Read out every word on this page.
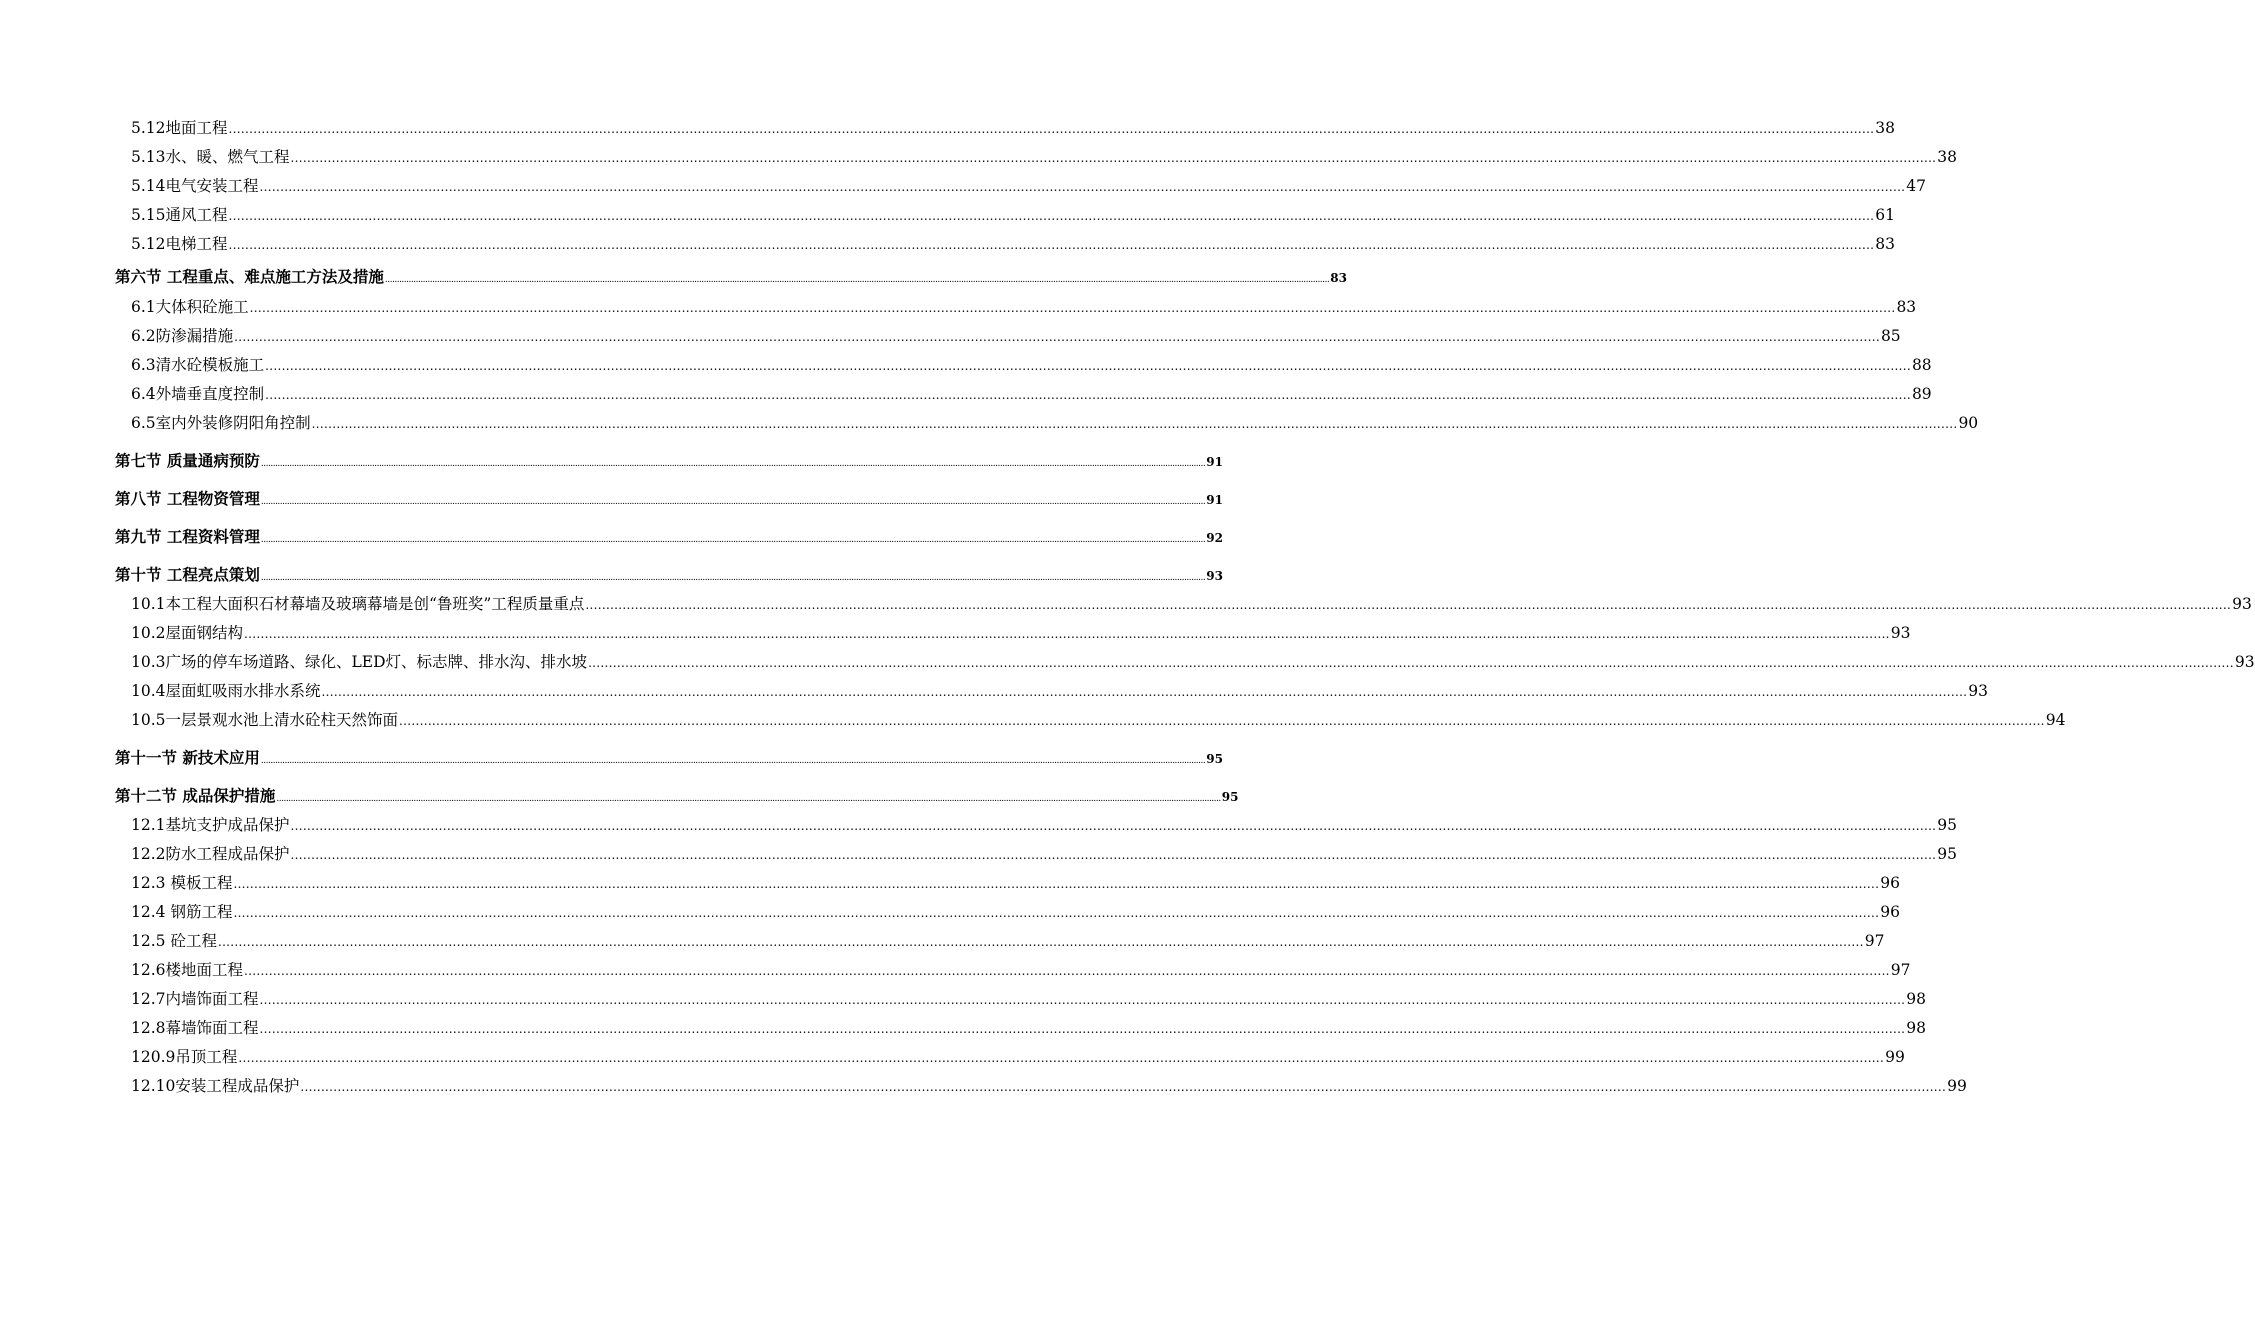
5.12地面工程 ................................................................................................................................................................................................................................................................................................................................................................................................................ 38
5.13水、暖、燃气工程 ................................................................................................................................................................................................................................................................................................................................................................................................................ 38
5.14电气安装工程 ................................................................................................................................................................................................................................................................................................................................................................................................................ 47
5.15通风工程 ................................................................................................................................................................................................................................................................................................................................................................................................................ 61
5.12电梯工程 ................................................................................................................................................................................................................................................................................................................................................................................................................ 83
第六节 工程重点、难点施工方法及措施 ................................................................................................................................................................................................................................................................................................................................................................................................................ 83
6.1大体积砼施工 ................................................................................................................................................................................................................................................................................................................................................................................................................ 83
6.2防渗漏措施 ................................................................................................................................................................................................................................................................................................................................................................................................................ 85
6.3清水砼模板施工 ................................................................................................................................................................................................................................................................................................................................................................................................................ 88
6.4外墙垂直度控制 ................................................................................................................................................................................................................................................................................................................................................................................................................ 89
6.5室内外装修阴阳角控制 ................................................................................................................................................................................................................................................................................................................................................................................................................ 90
第七节 质量通病预防 ................................................................................................................................................................................................................................................................................................................................................................................................................ 91
第八节 工程物资管理 ................................................................................................................................................................................................................................................................................................................................................................................................................ 91
第九节 工程资料管理 ................................................................................................................................................................................................................................................................................................................................................................................................................ 92
第十节 工程亮点策划 ................................................................................................................................................................................................................................................................................................................................................................................................................ 93
10.1本工程大面积石材幕墙及玻璃幕墙是创“鲁班奖”工程质量重点 ................................................................................................................................................................................................................................................................................................................................................................................................................ 93
10.2屋面钢结构 ................................................................................................................................................................................................................................................................................................................................................................................................................ 93
10.3广场的停车场道路、绿化、LED灯、标志牌、排水沟、排水坡 ................................................................................................................................................................................................................................................................................................................................................................................................................ 93
10.4屋面虹吸雨水排水系统 ................................................................................................................................................................................................................................................................................................................................................................................................................ 93
10.5一层景观水池上清水砼柱天然饰面 ................................................................................................................................................................................................................................................................................................................................................................................................................ 94
第十一节 新技术应用 ................................................................................................................................................................................................................................................................................................................................................................................................................ 95
第十二节 成品保护措施 ................................................................................................................................................................................................................................................................................................................................................................................................................ 95
12.1基坑支护成品保护 ................................................................................................................................................................................................................................................................................................................................................................................................................ 95
12.2防水工程成品保护 ................................................................................................................................................................................................................................................................................................................................................................................................................ 95
12.3 模板工程 ................................................................................................................................................................................................................................................................................................................................................................................................................ 96
12.4 钢筋工程 ................................................................................................................................................................................................................................................................................................................................................................................................................ 96
12.5 砼工程 ................................................................................................................................................................................................................................................................................................................................................................................................................ 97
12.6楼地面工程 ................................................................................................................................................................................................................................................................................................................................................................................................................ 97
12.7内墙饰面工程 ................................................................................................................................................................................................................................................................................................................................................................................................................ 98
12.8幕墙饰面工程 ................................................................................................................................................................................................................................................................................................................................................................................................................ 98
120.9吊顶工程 ................................................................................................................................................................................................................................................................................................................................................................................................................ 99
12.10安装工程成品保护 ................................................................................................................................................................................................................................................................................................................................................................................................................ 99
